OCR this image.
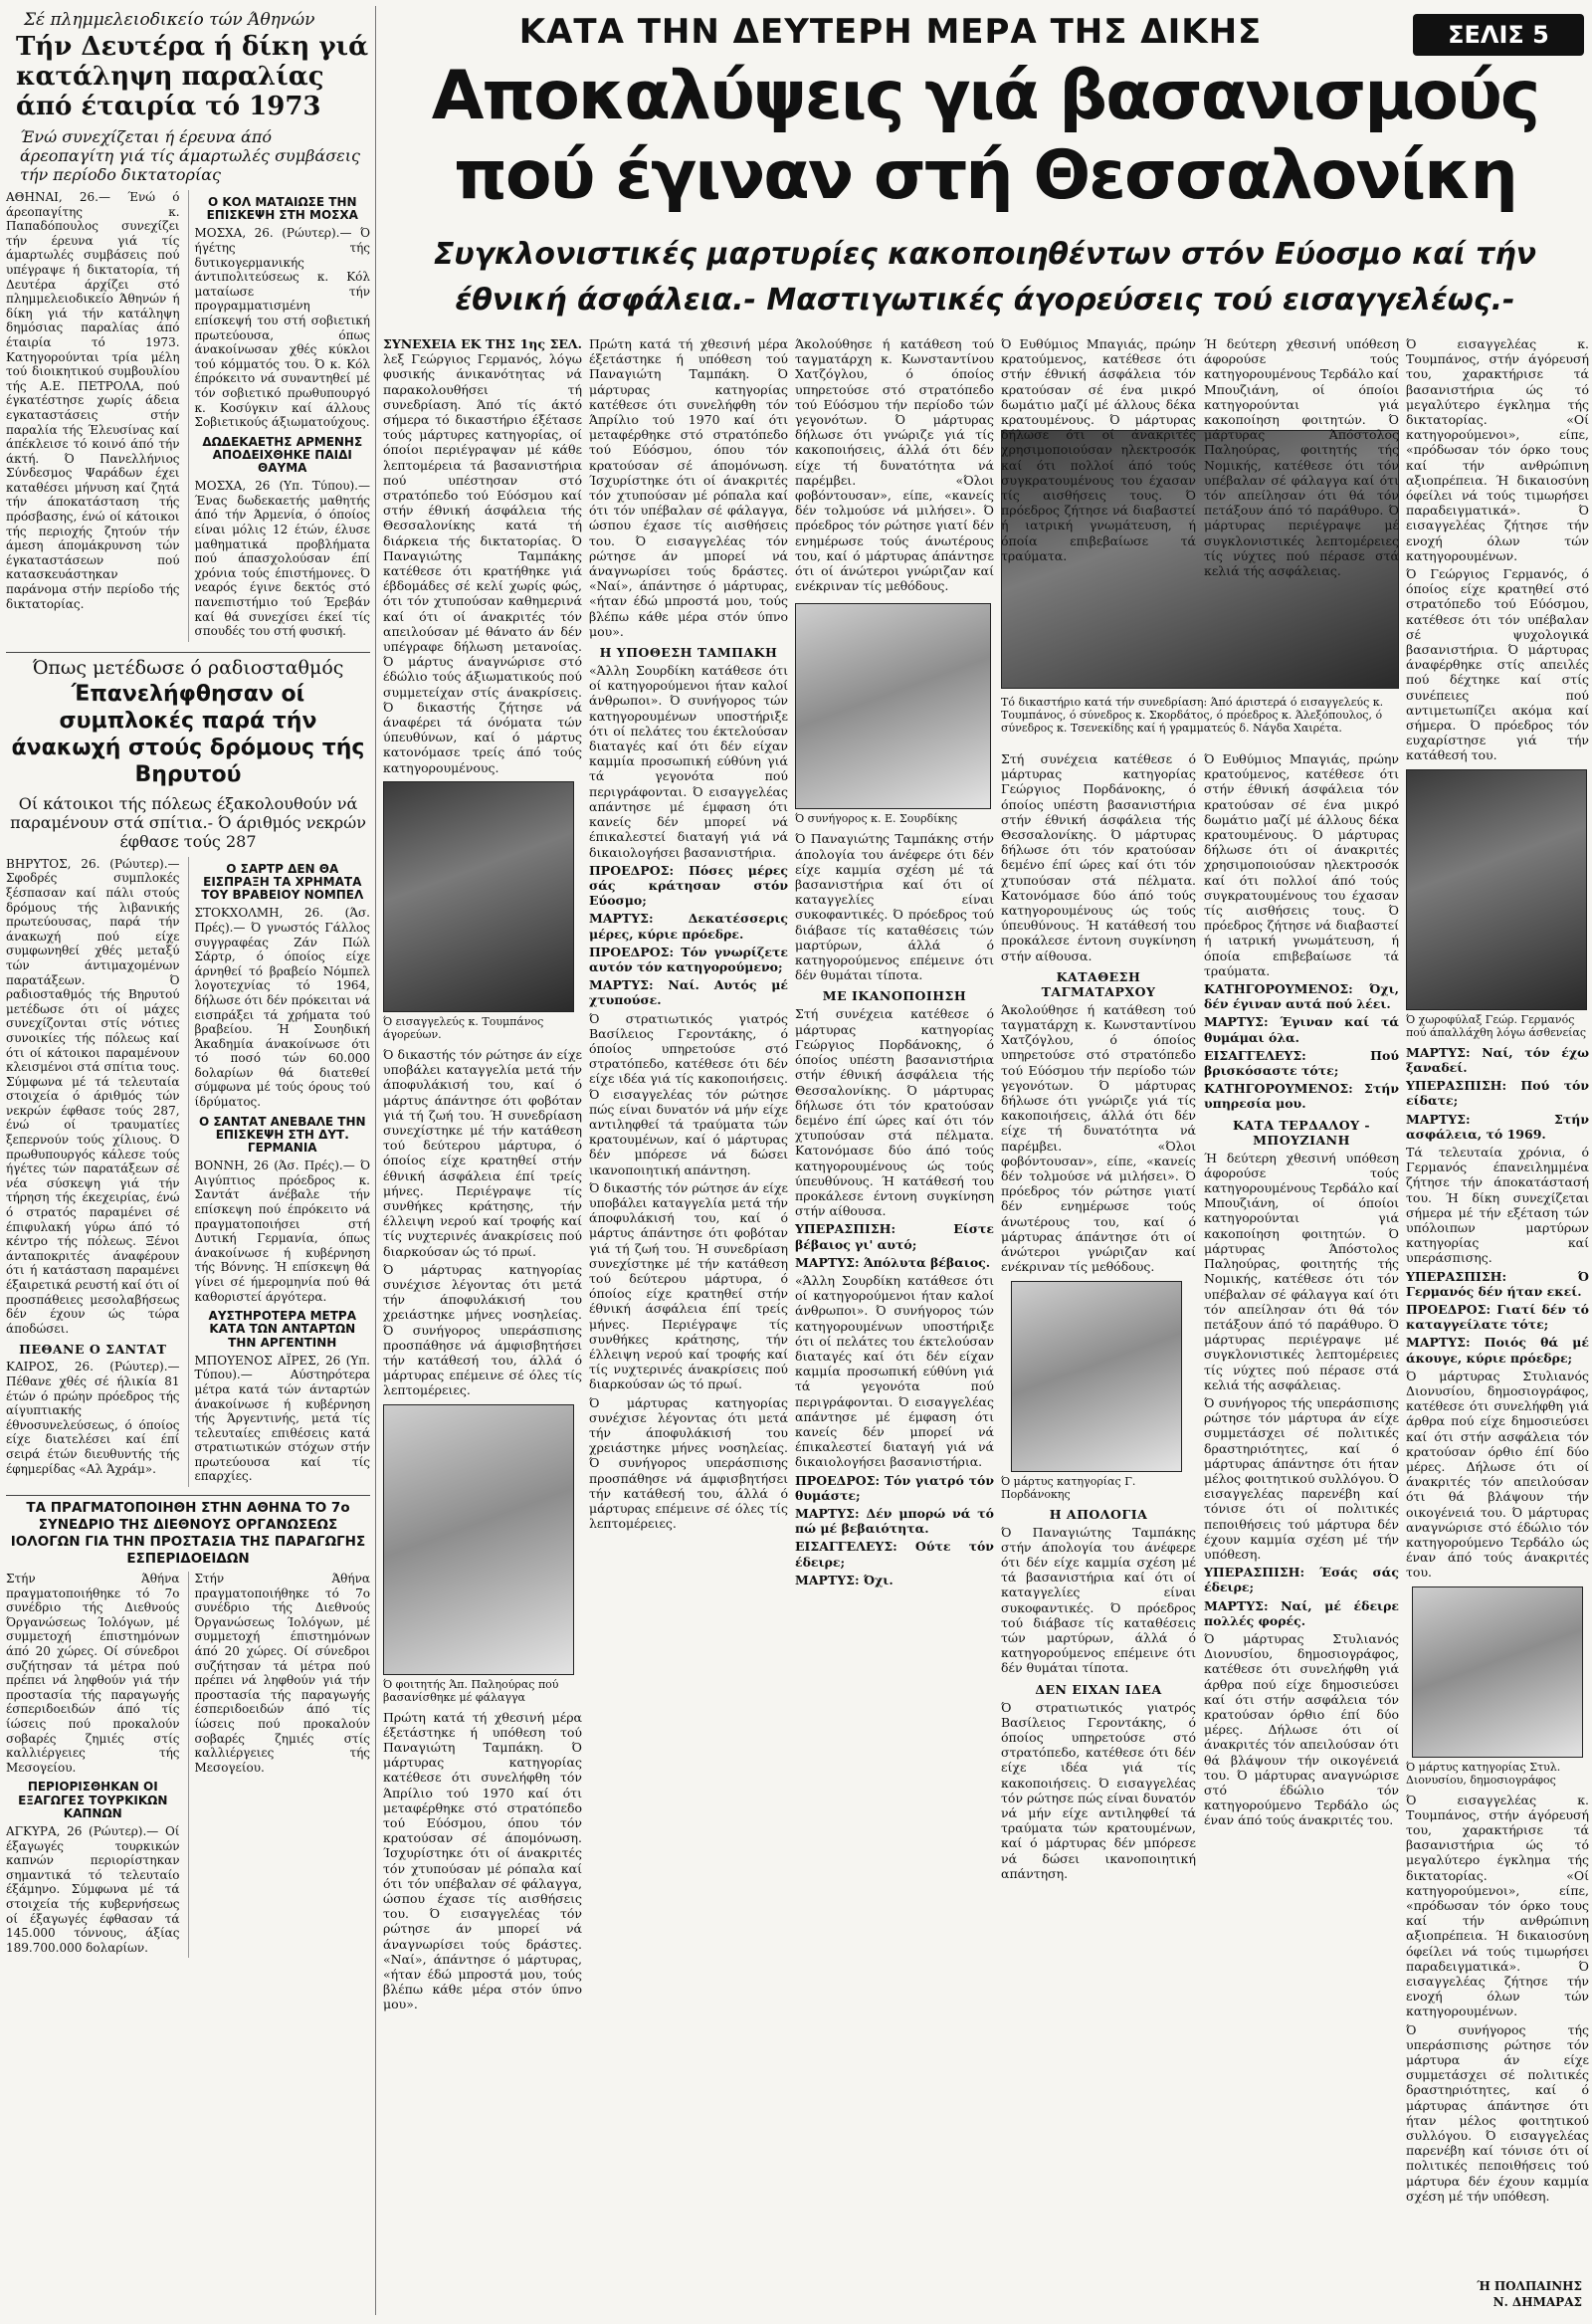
Σέ πλημμελειοδικείο τών Άθηνών
Τήν Δευτέρα ή δίκη γιά κατάληψη παραλίας άπό έταιρία τό 1973
Ένώ συνεχίζεται ή έρευνα άπό άρεοπαγίτη γιά τίς άμαρτωλές συμβάσεις τήν περίοδο δικτατορίας

ΑΘΗΝΑΙ, 26.— Ένώ ό άρεοπαγίτης κ. Παπαδόπουλος συνεχίζει τήν έρευνα γιά τίς άμαρτωλές συμβάσεις πού υπέγραψε ή δικτατορία, τή Δευτέρα άρχίζει στό πλημμελειοδικείο Άθηνών ή δίκη γιά τήν κατάληψη δημόσιας παραλίας άπό έταιρία τό 1973. Κατηγορούνται τρία μέλη τού διοικητικού συμβουλίου τής Α.Ε. ΠΕΤΡΟΛΑ, πού έγκατέστησε χωρίς άδεια εγκαταστάσεις στήν παραλία τής Έλευσίνας καί άπέκλεισε τό κοινό άπό τήν άκτή. Ό Πανελλήνιος Σύνδεσμος Ψαράδων έχει καταθέσει μήνυση καί ζητά τήν άποκατάσταση τής πρόσβασης, ένώ οί κάτοικοι τής περιοχής ζητούν τήν άμεση άπομάκρυνση τών έγκαταστάσεων πού κατασκευάστηκαν παράνομα στήν περίοδο τής δικτατορίας.

Ο ΚΟΛ ΜΑΤΑΙΩΣΕ ΤΗΝ ΕΠΙΣΚΕΨΗ ΣΤΗ ΜΟΣΧΑ

ΜΟΣΧΑ, 26. (Ρώυτερ).— Ό ήγέτης τής δυτικογερμανικής άντιπολιτεύσεως κ. Κόλ ματαίωσε τήν προγραμματισμένη επίσκεψή του στή σοβιετική πρωτεύουσα, όπως άνακοίνωσαν χθές κύκλοι τού κόμματός του. Ό κ. Κόλ έπρόκειτο νά συναντηθεί μέ τόν σοβιετικό πρωθυπουργό κ. Κοσύγκιν καί άλλους Σοβιετικούς άξιωματούχους.

ΔΩΔΕΚΑΕΤΗΣ ΑΡΜΕΝΗΣ ΑΠΟΔΕΙΧΘΗΚΕ ΠΑΙΔΙ ΘΑΥΜΑ

ΜΟΣΧΑ, 26 (Υπ. Τύπου).— Ένας δωδεκαετής μαθητής άπό τήν Άρμενία, ό όποίος είναι μόλις 12 έτών, έλυσε μαθηματικά προβλήματα πού άπασχολούσαν έπί χρόνια τούς έπιστήμονες. Ό νεαρός έγινε δεκτός στό πανεπιστήμιο τού Έρεβάν καί θά συνεχίσει έκεί τίς σπουδές του στή φυσική.

Όπως μετέδωσε ό ραδιοσταθμός
Έπανελήφθησαν οί συμπλοκές παρά τήν άνακωχή στούς δρόμους τής Βηρυτού
Οί κάτοικοι τής πόλεως έξακολουθούν νά παραμένουν στά σπίτια.- Ό άριθμός νεκρών έφθασε τούς 287

ΒΗΡΥΤΟΣ, 26. (Ρώυτερ).— Σφοδρές συμπλοκές ξέσπασαν καί πάλι στούς δρόμους τής λιβανικής πρωτεύουσας, παρά τήν άνακωχή πού είχε συμφωνηθεί χθές μεταξύ τών άντιμαχομένων παρατάξεων. Ό ραδιοσταθμός τής Βηρυτού μετέδωσε ότι οί μάχες συνεχίζονται στίς νότιες συνοικίες τής πόλεως καί ότι οί κάτοικοι παραμένουν κλεισμένοι στά σπίτια τους. Σύμφωνα μέ τά τελευταία στοιχεία ό άριθμός τών νεκρών έφθασε τούς 287, ένώ οί τραυματίες ξεπερνούν τούς χίλιους. Ό πρωθυπουργός κάλεσε τούς ήγέτες τών παρατάξεων σέ νέα σύσκεψη γιά τήν τήρηση τής έκεχειρίας, ένώ ό στρατός παραμένει σέ έπιφυλακή γύρω άπό τό κέντρο τής πόλεως. Ξένοι άνταποκριτές άναφέρουν ότι ή κατάσταση παραμένει έξαιρετικά ρευστή καί ότι οί προσπάθειες μεσολαβήσεως δέν έχουν ώς τώρα άποδώσει.

ΠΕΘΑΝΕ Ο ΣΑΝΤΑΤ

ΚΑΙΡΟΣ, 26. (Ρώυτερ).— Πέθανε χθές σέ ήλικία 81 έτών ό πρώην πρόεδρος τής αίγυπτιακής έθνοσυνελεύσεως, ό όποίος είχε διατελέσει καί έπί σειρά έτών διευθυντής τής έφημερίδας «Αλ Άχράμ».

Ο ΣΑΡΤΡ ΔΕΝ ΘΑ ΕΙΣΠΡΑΞΗ ΤΑ ΧΡΗΜΑΤΑ ΤΟΥ ΒΡΑΒΕΙΟΥ ΝΟΜΠΕΛ

ΣΤΟΚΧΟΛΜΗ, 26. (Άσ. Πρές).— Ό γνωστός Γάλλος συγγραφέας Ζάν Πώλ Σάρτρ, ό όποίος είχε άρνηθεί τό βραβείο Νόμπελ λογοτεχνίας τό 1964, δήλωσε ότι δέν πρόκειται νά εισπράξει τά χρήματα τού βραβείου. Ή Σουηδική Άκαδημία άνακοίνωσε ότι τό ποσό τών 60.000 δολαρίων θά διατεθεί σύμφωνα μέ τούς όρους τού ίδρύματος.

Ο ΣΑΝΤΑΤ ΑΝΕΒΑΛΕ ΤΗΝ ΕΠΙΣΚΕΨΗ ΣΤΗ ΔΥΤ. ΓΕΡΜΑΝΙΑ

ΒΟΝΝΗ, 26 (Άσ. Πρές).— Ό Αιγύπτιος πρόεδρος κ. Σαντάτ άνέβαλε τήν επίσκεψη πού έπρόκειτο νά πραγματοποιήσει στή Δυτική Γερμανία, όπως άνακοίνωσε ή κυβέρνηση τής Βόννης. Ή επίσκεψη θά γίνει σέ ήμερομηνία πού θά καθοριστεί άργότερα.

ΑΥΣΤΗΡΟΤΕΡΑ ΜΕΤΡΑ ΚΑΤΑ ΤΩΝ ΑΝΤΑΡΤΩΝ ΤΗΝ ΑΡΓΕΝΤΙΝΗ

ΜΠΟΥΕΝΟΣ ΑΪΡΕΣ, 26 (Υπ. Τύπου).— Αύστηρότερα μέτρα κατά τών άνταρτών άνακοίνωσε ή κυβέρνηση τής Άργεντινής, μετά τίς τελευταίες επιθέσεις κατά στρατιωτικών στόχων στήν πρωτεύουσα καί τίς επαρχίες.

ΤΑ ΠΡΑΓΜΑΤΟΠΟΙΗΘΗ ΣΤΗΝ ΑΘΗΝΑ ΤΟ 7ο ΣΥΝΕΔΡΙΟ ΤΗΣ ΔΙΕΘΝΟΥΣ ΟΡΓΑΝΩΣΕΩΣ ΙΟΛΟΓΩΝ ΓΙΑ ΤΗΝ ΠΡΟΣΤΑΣΙΑ ΤΗΣ ΠΑΡΑΓΩΓΗΣ ΕΣΠΕΡΙΔΟΕΙΔΩΝ

Στήν Άθήνα πραγματοποιήθηκε τό 7ο συνέδριο τής Διεθνούς Όργανώσεως Ίολόγων, μέ συμμετοχή έπιστημόνων άπό 20 χώρες. Οί σύνεδροι συζήτησαν τά μέτρα πού πρέπει νά ληφθούν γιά τήν προστασία τής παραγωγής έσπεριδοειδών άπό τίς ίώσεις πού προκαλούν σοβαρές ζημιές στίς καλλιέργειες τής Μεσογείου.

ΠΕΡΙΟΡΙΣΘΗΚΑΝ ΟΙ ΕΞΑΓΩΓΕΣ ΤΟΥΡΚΙΚΩΝ ΚΑΠΝΩΝ

ΑΓΚΥΡΑ, 26 (Ρώυτερ).— Οί έξαγωγές τουρκικών καπνών περιορίστηκαν σημαντικά τό τελευταίο έξάμηνο. Σύμφωνα μέ τά στοιχεία τής κυβερνήσεως οί έξαγωγές έφθασαν τά 145.000 τόννους, άξίας 189.700.000 δολαρίων.

Στήν Άθήνα πραγματοποιήθηκε τό 7ο συνέδριο τής Διεθνούς Όργανώσεως Ίολόγων, μέ συμμετοχή έπιστημόνων άπό 20 χώρες. Οί σύνεδροι συζήτησαν τά μέτρα πού πρέπει νά ληφθούν γιά τήν προστασία τής παραγωγής έσπεριδοειδών άπό τίς ίώσεις πού προκαλούν σοβαρές ζημιές στίς καλλιέργειες τής Μεσογείου.

ΚΑΤΑ ΤΗΝ ΔΕΥΤΕΡΗ ΜΕΡΑ ΤΗΣ ΔΙΚΗΣ	ΣΕΛΙΣ 5
Αποκαλύψεις γιά βασανισμούς
πού έγιναν στή Θεσσαλονίκη
Συγκλονιστικές μαρτυρίες κακοποιηθέντων στόν Εύοσμο καί τήν
έθνική άσφάλεια.- Μαστιγωτικές άγορεύσεις τού εισαγγελέως.-

ΣΥΝΕΧΕΙΑ ΕΚ ΤΗΣ 1ης ΣΕΛ. λεξ Γεώργιος Γερμανός, λόγω φυσικής άνικανότητας νά παρακολουθήσει τή συνεδρίαση. Άπό τίς άκτό σήμερα τό δικαστήριο έξέτασε τούς μάρτυρες κατηγορίας, οί όποίοι περιέγραψαν μέ κάθε λεπτομέρεια τά βασανιστήρια πού υπέστησαν στό στρατόπεδο τού Εύόσμου καί στήν έθνική άσφάλεια τής Θεσσαλονίκης κατά τή διάρκεια τής δικτατορίας. Ό Παναγιώτης Ταμπάκης κατέθεσε ότι κρατήθηκε γιά έβδομάδες σέ κελί χωρίς φώς, ότι τόν χτυπούσαν καθημερινά καί ότι οί άνακριτές τόν απειλούσαν μέ θάνατο άν δέν υπέγραφε δήλωση μετανοίας. Ό μάρτυς άναγνώρισε στό έδώλιο τούς άξιωματικούς πού συμμετείχαν στίς άνακρίσεις. Ό δικαστής ζήτησε νά άναφέρει τά όνόματα τών ύπευθύνων, καί ό μάρτυς κατονόμασε τρείς άπό τούς κατηγορουμένους.

Ό εισαγγελεύς κ. Τουμπάνος άγορεύων.

Ό δικαστής τόν ρώτησε άν είχε υποβάλει καταγγελία μετά τήν άποφυλάκισή του, καί ό μάρτυς άπάντησε ότι φοβόταν γιά τή ζωή του. Ή συνεδρίαση συνεχίστηκε μέ τήν κατάθεση τού δεύτερου μάρτυρα, ό όποίος είχε κρατηθεί στήν έθνική άσφάλεια έπί τρείς μήνες. Περιέγραψε τίς συνθήκες κράτησης, τήν έλλειψη νερού καί τροφής καί τίς νυχτερινές άνακρίσεις πού διαρκούσαν ώς τό πρωί.

Ό μάρτυρας κατηγορίας συνέχισε λέγοντας ότι μετά τήν άποφυλάκισή του χρειάστηκε μήνες νοσηλείας. Ό συνήγορος υπεράσπισης προσπάθησε νά άμφισβητήσει τήν κατάθεσή του, άλλά ό μάρτυρας επέμεινε σέ όλες τίς λεπτομέρειες.

Ό φοιτητής Άπ. Παληούρας πού βασανίσθηκε μέ φάλαγγα

Πρώτη κατά τή χθεσινή μέρα έξετάστηκε ή υπόθεση τού Παναγιώτη Ταμπάκη. Ό μάρτυρας κατηγορίας κατέθεσε ότι συνελήφθη τόν Άπρίλιο τού 1970 καί ότι μεταφέρθηκε στό στρατόπεδο τού Εύόσμου, όπου τόν κρατούσαν σέ άπομόνωση. Ίσχυρίστηκε ότι οί άνακριτές τόν χτυπούσαν μέ ρόπαλα καί ότι τόν υπέβαλαν σέ φάλαγγα, ώσπου έχασε τίς αισθήσεις του. Ό εισαγγελέας τόν ρώτησε άν μπορεί νά άναγνωρίσει τούς δράστες. «Ναί», άπάντησε ό μάρτυρας, «ήταν έδώ μπροστά μου, τούς βλέπω κάθε μέρα στόν ύπνο μου».

Πρώτη κατά τή χθεσινή μέρα έξετάστηκε ή υπόθεση τού Παναγιώτη Ταμπάκη. Ό μάρτυρας κατηγορίας κατέθεσε ότι συνελήφθη τόν Άπρίλιο τού 1970 καί ότι μεταφέρθηκε στό στρατόπεδο τού Εύόσμου, όπου τόν κρατούσαν σέ άπομόνωση. Ίσχυρίστηκε ότι οί άνακριτές τόν χτυπούσαν μέ ρόπαλα καί ότι τόν υπέβαλαν σέ φάλαγγα, ώσπου έχασε τίς αισθήσεις του. Ό εισαγγελέας τόν ρώτησε άν μπορεί νά άναγνωρίσει τούς δράστες. «Ναί», άπάντησε ό μάρτυρας, «ήταν έδώ μπροστά μου, τούς βλέπω κάθε μέρα στόν ύπνο μου».

Η ΥΠΟΘΕΣΗ ΤΑΜΠΑΚΗ

«Άλλη Σουρδίκη κατάθεσε ότι οί κατηγορούμενοι ήταν καλοί άνθρωποι». Ό συνήγορος τών κατηγορουμένων υποστήριξε ότι οί πελάτες του έκτελούσαν διαταγές καί ότι δέν είχαν καμμία προσωπική εύθύνη γιά τά γεγονότα πού περιγράφονται. Ό εισαγγελέας απάντησε μέ έμφαση ότι κανείς δέν μπορεί νά έπικαλεστεί διαταγή γιά νά δικαιολογήσει βασανιστήρια.

ΠΡΟΕΔΡΟΣ: Πόσες μέρες σάς κράτησαν στόν Εύοσμο;

ΜΑΡΤΥΣ: Δεκατέσσερις μέρες, κύριε πρόεδρε.

ΠΡΟΕΔΡΟΣ: Τόν γνωρίζετε αυτόν τόν κατηγορούμενο;

ΜΑΡΤΥΣ: Ναί. Αυτός μέ χτυπούσε.

Ό στρατιωτικός γιατρός Βασίλειος Γεροντάκης, ό όποίος υπηρετούσε στό στρατόπεδο, κατέθεσε ότι δέν είχε ιδέα γιά τίς κακοποιήσεις. Ό εισαγγελέας τόν ρώτησε πώς είναι δυνατόν νά μήν είχε αντιληφθεί τά τραύματα τών κρατουμένων, καί ό μάρτυρας δέν μπόρεσε νά δώσει ικανοποιητική απάντηση.

Ό δικαστής τόν ρώτησε άν είχε υποβάλει καταγγελία μετά τήν άποφυλάκισή του, καί ό μάρτυς άπάντησε ότι φοβόταν γιά τή ζωή του. Ή συνεδρίαση συνεχίστηκε μέ τήν κατάθεση τού δεύτερου μάρτυρα, ό όποίος είχε κρατηθεί στήν έθνική άσφάλεια έπί τρείς μήνες. Περιέγραψε τίς συνθήκες κράτησης, τήν έλλειψη νερού καί τροφής καί τίς νυχτερινές άνακρίσεις πού διαρκούσαν ώς τό πρωί.

Ό μάρτυρας κατηγορίας συνέχισε λέγοντας ότι μετά τήν άποφυλάκισή του χρειάστηκε μήνες νοσηλείας. Ό συνήγορος υπεράσπισης προσπάθησε νά άμφισβητήσει τήν κατάθεσή του, άλλά ό μάρτυρας επέμεινε σέ όλες τίς λεπτομέρειες.

Άκολούθησε ή κατάθεση τού ταγματάρχη κ. Κωνσταντίνου Χατζόγλου, ό όποίος υπηρετούσε στό στρατόπεδο τού Εύόσμου τήν περίοδο τών γεγονότων. Ό μάρτυρας δήλωσε ότι γνώριζε γιά τίς κακοποιήσεις, άλλά ότι δέν είχε τή δυνατότητα νά παρέμβει. «Όλοι φοβόντουσαν», είπε, «κανείς δέν τολμούσε νά μιλήσει». Ό πρόεδρος τόν ρώτησε γιατί δέν ενημέρωσε τούς άνωτέρους του, καί ό μάρτυρας άπάντησε ότι οί άνώτεροι γνώριζαν καί ενέκριναν τίς μεθόδους.

Ό συνήγορος κ. Ε. Σουρδίκης

Ό Παναγιώτης Ταμπάκης στήν άπολογία του άνέφερε ότι δέν είχε καμμία σχέση μέ τά βασανιστήρια καί ότι οί καταγγελίες είναι συκοφαντικές. Ό πρόεδρος τού διάβασε τίς καταθέσεις τών μαρτύρων, άλλά ό κατηγορούμενος επέμεινε ότι δέν θυμάται τίποτα.

ΜΕ ΙΚΑΝΟΠΟΙΗΣΗ

Στή συνέχεια κατέθεσε ό μάρτυρας κατηγορίας Γεώργιος Πορδάνοκης, ό όποίος υπέστη βασανιστήρια στήν έθνική άσφάλεια τής Θεσσαλονίκης. Ό μάρτυρας δήλωσε ότι τόν κρατούσαν δεμένο έπί ώρες καί ότι τόν χτυπούσαν στά πέλματα. Κατονόμασε δύο άπό τούς κατηγορουμένους ώς τούς ύπευθύνους. Ή κατάθεσή του προκάλεσε έντονη συγκίνηση στήν αίθουσα.

ΥΠΕΡΑΣΠΙΣΗ: Είστε βέβαιος γι' αυτό;

ΜΑΡΤΥΣ: Άπόλυτα βέβαιος.

«Άλλη Σουρδίκη κατάθεσε ότι οί κατηγορούμενοι ήταν καλοί άνθρωποι». Ό συνήγορος τών κατηγορουμένων υποστήριξε ότι οί πελάτες του έκτελούσαν διαταγές καί ότι δέν είχαν καμμία προσωπική εύθύνη γιά τά γεγονότα πού περιγράφονται. Ό εισαγγελέας απάντησε μέ έμφαση ότι κανείς δέν μπορεί νά έπικαλεστεί διαταγή γιά νά δικαιολογήσει βασανιστήρια.

ΠΡΟΕΔΡΟΣ: Τόν γιατρό τόν θυμάστε;

ΜΑΡΤΥΣ: Δέν μπορώ νά τό πώ μέ βεβαιότητα.

ΕΙΣΑΓΓΕΛΕΥΣ: Ούτε τόν έδειρε;

ΜΑΡΤΥΣ: Όχι.

Τό δικαστήριο κατά τήν συνεδρίαση: Άπό άριστερά ό εισαγγελεύς κ. Τουμπάνος, ό σύνεδρος κ. Σκορδάτος, ό πρόεδρος κ. Άλεξόπουλος, ό σύνεδρος κ. Τσενεκίδης καί ή γραμματεύς δ. Νάγδα Χαιρέτα.

Ό Ευθύμιος Μπαγιάς, πρώην κρατούμενος, κατέθεσε ότι στήν έθνική άσφάλεια τόν κρατούσαν σέ ένα μικρό δωμάτιο μαζί μέ άλλους δέκα κρατουμένους. Ό μάρτυρας δήλωσε ότι οί άνακριτές χρησιμοποιούσαν ηλεκτροσόκ καί ότι πολλοί άπό τούς συγκρατουμένους του έχασαν τίς αισθήσεις τους. Ό πρόεδρος ζήτησε νά διαβαστεί ή ιατρική γνωμάτευση, ή όποία επιβεβαίωσε τά τραύματα.

Ή δεύτερη χθεσινή υπόθεση άφορούσε τούς κατηγορουμένους Τερδάλο καί Μπουζιάνη, οί όποίοι κατηγορούνται γιά κακοποίηση φοιτητών. Ό μάρτυρας Άπόστολος Παληούρας, φοιτητής τής Νομικής, κατέθεσε ότι τόν υπέβαλαν σέ φάλαγγα καί ότι τόν απείλησαν ότι θά τόν πετάξουν άπό τό παράθυρο. Ό μάρτυρας περιέγραψε μέ συγκλονιστικές λεπτομέρειες τίς νύχτες πού πέρασε στά κελιά τής ασφάλειας.

Στή συνέχεια κατέθεσε ό μάρτυρας κατηγορίας Γεώργιος Πορδάνοκης, ό όποίος υπέστη βασανιστήρια στήν έθνική άσφάλεια τής Θεσσαλονίκης. Ό μάρτυρας δήλωσε ότι τόν κρατούσαν δεμένο έπί ώρες καί ότι τόν χτυπούσαν στά πέλματα. Κατονόμασε δύο άπό τούς κατηγορουμένους ώς τούς ύπευθύνους. Ή κατάθεσή του προκάλεσε έντονη συγκίνηση στήν αίθουσα.

ΚΑΤΑΘΕΣΗ ΤΑΓΜΑΤΑΡΧΟΥ

Άκολούθησε ή κατάθεση τού ταγματάρχη κ. Κωνσταντίνου Χατζόγλου, ό όποίος υπηρετούσε στό στρατόπεδο τού Εύόσμου τήν περίοδο τών γεγονότων. Ό μάρτυρας δήλωσε ότι γνώριζε γιά τίς κακοποιήσεις, άλλά ότι δέν είχε τή δυνατότητα νά παρέμβει. «Όλοι φοβόντουσαν», είπε, «κανείς δέν τολμούσε νά μιλήσει». Ό πρόεδρος τόν ρώτησε γιατί δέν ενημέρωσε τούς άνωτέρους του, καί ό μάρτυρας άπάντησε ότι οί άνώτεροι γνώριζαν καί ενέκριναν τίς μεθόδους.

Ό μάρτυς κατηγορίας Γ. Πορδάνοκης
Η ΑΠΟΛΟΓΙΑ

Ό Παναγιώτης Ταμπάκης στήν άπολογία του άνέφερε ότι δέν είχε καμμία σχέση μέ τά βασανιστήρια καί ότι οί καταγγελίες είναι συκοφαντικές. Ό πρόεδρος τού διάβασε τίς καταθέσεις τών μαρτύρων, άλλά ό κατηγορούμενος επέμεινε ότι δέν θυμάται τίποτα.

ΔΕΝ ΕΙΧΑΝ ΙΔΕΑ

Ό στρατιωτικός γιατρός Βασίλειος Γεροντάκης, ό όποίος υπηρετούσε στό στρατόπεδο, κατέθεσε ότι δέν είχε ιδέα γιά τίς κακοποιήσεις. Ό εισαγγελέας τόν ρώτησε πώς είναι δυνατόν νά μήν είχε αντιληφθεί τά τραύματα τών κρατουμένων, καί ό μάρτυρας δέν μπόρεσε νά δώσει ικανοποιητική απάντηση.

Ό Ευθύμιος Μπαγιάς, πρώην κρατούμενος, κατέθεσε ότι στήν έθνική άσφάλεια τόν κρατούσαν σέ ένα μικρό δωμάτιο μαζί μέ άλλους δέκα κρατουμένους. Ό μάρτυρας δήλωσε ότι οί άνακριτές χρησιμοποιούσαν ηλεκτροσόκ καί ότι πολλοί άπό τούς συγκρατουμένους του έχασαν τίς αισθήσεις τους. Ό πρόεδρος ζήτησε νά διαβαστεί ή ιατρική γνωμάτευση, ή όποία επιβεβαίωσε τά τραύματα.

ΚΑΤΗΓΟΡΟΥΜΕΝΟΣ: Όχι, δέν έγιναν αυτά πού λέει.

ΜΑΡΤΥΣ: Έγιναν καί τά θυμάμαι όλα.

ΕΙΣΑΓΓΕΛΕΥΣ: Πού βρισκόσαστε τότε;

ΚΑΤΗΓΟΡΟΥΜΕΝΟΣ: Στήν υπηρεσία μου.

ΚΑΤΑ ΤΕΡΔΑΛΟΥ - ΜΠΟΥΖΙΑΝΗ

Ή δεύτερη χθεσινή υπόθεση άφορούσε τούς κατηγορουμένους Τερδάλο καί Μπουζιάνη, οί όποίοι κατηγορούνται γιά κακοποίηση φοιτητών. Ό μάρτυρας Άπόστολος Παληούρας, φοιτητής τής Νομικής, κατέθεσε ότι τόν υπέβαλαν σέ φάλαγγα καί ότι τόν απείλησαν ότι θά τόν πετάξουν άπό τό παράθυρο. Ό μάρτυρας περιέγραψε μέ συγκλονιστικές λεπτομέρειες τίς νύχτες πού πέρασε στά κελιά τής ασφάλειας.

Ό συνήγορος τής υπεράσπισης ρώτησε τόν μάρτυρα άν είχε συμμετάσχει σέ πολιτικές δραστηριότητες, καί ό μάρτυρας άπάντησε ότι ήταν μέλος φοιτητικού συλλόγου. Ό εισαγγελέας παρενέβη καί τόνισε ότι οί πολιτικές πεποιθήσεις τού μάρτυρα δέν έχουν καμμία σχέση μέ τήν υπόθεση.

ΥΠΕΡΑΣΠΙΣΗ: Έσάς σάς έδειρε;

ΜΑΡΤΥΣ: Ναί, μέ έδειρε πολλές φορές.

Ό μάρτυρας Στυλιανός Διονυσίου, δημοσιογράφος, κατέθεσε ότι συνελήφθη γιά άρθρα πού είχε δημοσιεύσει καί ότι στήν ασφάλεια τόν κρατούσαν όρθιο έπί δύο μέρες. Δήλωσε ότι οί άνακριτές τόν απειλούσαν ότι θά βλάψουν τήν οικογένειά του. Ό μάρτυρας αναγνώρισε στό έδώλιο τόν κατηγορούμενο Τερδάλο ώς έναν άπό τούς άνακριτές του.

Ό εισαγγελέας κ. Τουμπάνος, στήν άγόρευσή του, χαρακτήρισε τά βασανιστήρια ώς τό μεγαλύτερο έγκλημα τής δικτατορίας. «Οί κατηγορούμενοι», είπε, «πρόδωσαν τόν όρκο τους καί τήν ανθρώπινη αξιοπρέπεια. Ή δικαιοσύνη όφείλει νά τούς τιμωρήσει παραδειγματικά». Ό εισαγγελέας ζήτησε τήν ενοχή όλων τών κατηγορουμένων.

Ό Γεώργιος Γερμανός, ό όποίος είχε κρατηθεί στό στρατόπεδο τού Εύόσμου, κατέθεσε ότι τόν υπέβαλαν σέ ψυχολογικά βασανιστήρια. Ό μάρτυρας άναφέρθηκε στίς απειλές πού δέχτηκε καί στίς συνέπειες πού αντιμετωπίζει ακόμα καί σήμερα. Ό πρόεδρος τόν ευχαρίστησε γιά τήν κατάθεσή του.

Ό χωροφύλαξ Γεώρ. Γερμανός πού άπαλλάχθη λόγω άσθενείας

ΜΑΡΤΥΣ: Ναί, τόν έχω ξαναδεί.

ΥΠΕΡΑΣΠΙΣΗ: Πού τόν είδατε;

ΜΑΡΤΥΣ: Στήν ασφάλεια, τό 1969.

Τά τελευταία χρόνια, ό Γερμανός έπανειλημμένα ζήτησε τήν άποκατάστασή του. Ή δίκη συνεχίζεται σήμερα μέ τήν εξέταση τών υπόλοιπων μαρτύρων κατηγορίας καί υπεράσπισης.

ΥΠΕΡΑΣΠΙΣΗ: Ό Γερμανός δέν ήταν εκεί.

ΠΡΟΕΔΡΟΣ: Γιατί δέν τό καταγγείλατε τότε;

ΜΑΡΤΥΣ: Ποιός θά μέ άκουγε, κύριε πρόεδρε;

Ό μάρτυρας Στυλιανός Διονυσίου, δημοσιογράφος, κατέθεσε ότι συνελήφθη γιά άρθρα πού είχε δημοσιεύσει καί ότι στήν ασφάλεια τόν κρατούσαν όρθιο έπί δύο μέρες. Δήλωσε ότι οί άνακριτές τόν απειλούσαν ότι θά βλάψουν τήν οικογένειά του. Ό μάρτυρας αναγνώρισε στό έδώλιο τόν κατηγορούμενο Τερδάλο ώς έναν άπό τούς άνακριτές του.

Ό μάρτυς κατηγορίας Στυλ. Διονυσίου, δημοσιογράφος

Ό εισαγγελέας κ. Τουμπάνος, στήν άγόρευσή του, χαρακτήρισε τά βασανιστήρια ώς τό μεγαλύτερο έγκλημα τής δικτατορίας. «Οί κατηγορούμενοι», είπε, «πρόδωσαν τόν όρκο τους καί τήν ανθρώπινη αξιοπρέπεια. Ή δικαιοσύνη όφείλει νά τούς τιμωρήσει παραδειγματικά». Ό εισαγγελέας ζήτησε τήν ενοχή όλων τών κατηγορουμένων.

Ό συνήγορος τής υπεράσπισης ρώτησε τόν μάρτυρα άν είχε συμμετάσχει σέ πολιτικές δραστηριότητες, καί ό μάρτυρας άπάντησε ότι ήταν μέλος φοιτητικού συλλόγου. Ό εισαγγελέας παρενέβη καί τόνισε ότι οί πολιτικές πεποιθήσεις τού μάρτυρα δέν έχουν καμμία σχέση μέ τήν υπόθεση.

Ή ΠΟΛΠΑΙΝΗΣ
Ν. ΔΗΜΑΡΑΣ
